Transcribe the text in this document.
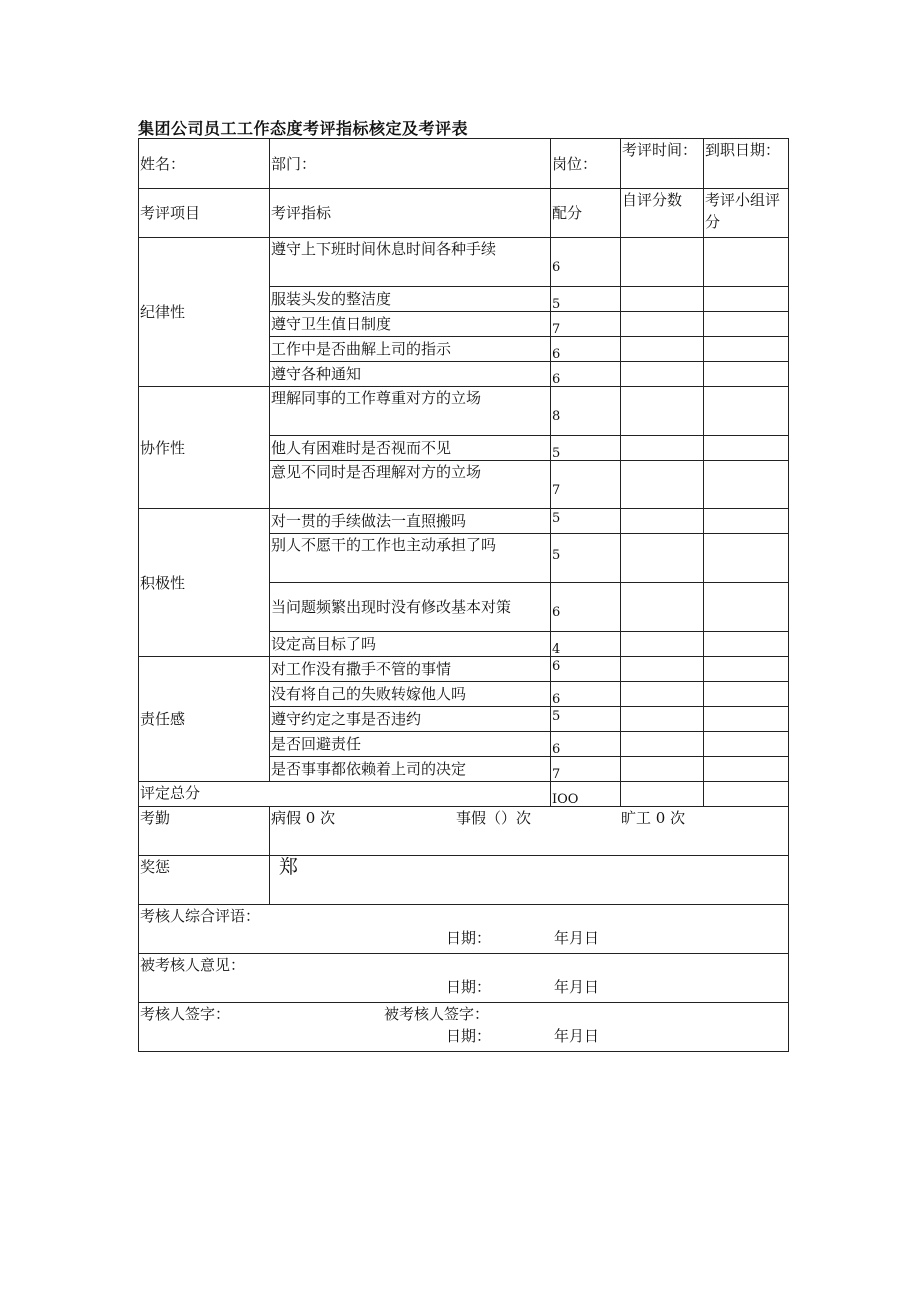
集团公司员工工作态度考评指标核定及考评表
姓名：	部门：	岗位：	考评时间：	到职日期：
考评项目	考评指标	配分	自评分数	考评小组评分
纪律性	遵守上下班时间休息时间各种手续	6		
	服装头发的整洁度	5		
	遵守卫生值日制度	7		
	工作中是否曲解上司的指示	6		
	遵守各种通知	6		
协作性	理解同事的工作尊重对方的立场	8		
	他人有困难时是否视而不见	5		
	意见不同时是否理解对方的立场	7		
积极性	对一贯的手续做法一直照搬吗	5		
	别人不愿干的工作也主动承担了吗	5		
	当问题频繁出现时没有修改基本对策	6		
	设定高目标了吗	4		
责任感	对工作没有撒手不管的事情	6		
	没有将自己的失败转嫁他人吗	6		
	遵守约定之事是否违约	5		
	是否回避责任	6		
	是否事事都依赖着上司的决定	7		
评定总分		IOO		
考勤	病假 0 次 事假（）次 旷工 0 次			
奖惩	郑			

考核人综合评语：
日期： 年月日				

被考核人意见：
日期： 年月日				

考核人签字： 被考核人签字：
日期： 年月日				
